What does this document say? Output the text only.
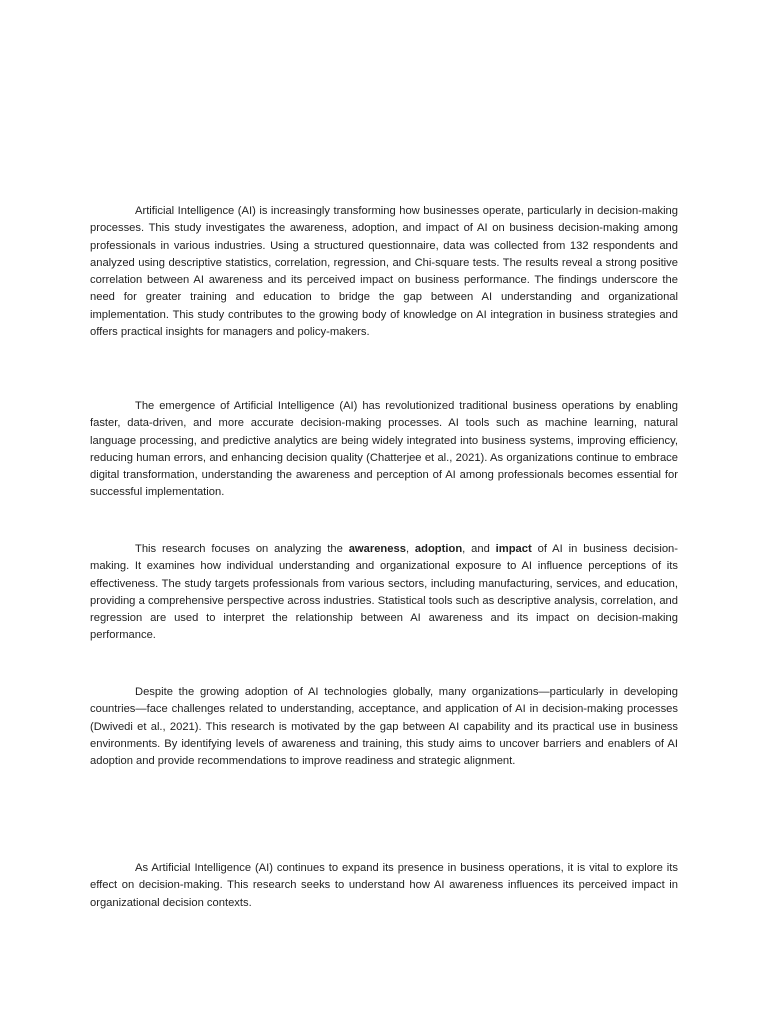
Artificial Intelligence (AI) is increasingly transforming how businesses operate, particularly in decision-making processes. This study investigates the awareness, adoption, and impact of AI on business decision-making among professionals in various industries. Using a structured questionnaire, data was collected from 132 respondents and analyzed using descriptive statistics, correlation, regression, and Chi-square tests. The results reveal a strong positive correlation between AI awareness and its perceived impact on business performance. The findings underscore the need for greater training and education to bridge the gap between AI understanding and organizational implementation. This study contributes to the growing body of knowledge on AI integration in business strategies and offers practical insights for managers and policy-makers.

The emergence of Artificial Intelligence (AI) has revolutionized traditional business operations by enabling faster, data-driven, and more accurate decision-making processes. AI tools such as machine learning, natural language processing, and predictive analytics are being widely integrated into business systems, improving efficiency, reducing human errors, and enhancing decision quality (Chatterjee et al., 2021). As organizations continue to embrace digital transformation, understanding the awareness and perception of AI among professionals becomes essential for successful implementation.

This research focuses on analyzing the awareness, adoption, and impact of AI in business decision-making. It examines how individual understanding and organizational exposure to AI influence perceptions of its effectiveness. The study targets professionals from various sectors, including manufacturing, services, and education, providing a comprehensive perspective across industries. Statistical tools such as descriptive analysis, correlation, and regression are used to interpret the relationship between AI awareness and its impact on decision-making performance.

Despite the growing adoption of AI technologies globally, many organizations—particularly in developing countries—face challenges related to understanding, acceptance, and application of AI in decision-making processes (Dwivedi et al., 2021). This research is motivated by the gap between AI capability and its practical use in business environments. By identifying levels of awareness and training, this study aims to uncover barriers and enablers of AI adoption and provide recommendations to improve readiness and strategic alignment.

As Artificial Intelligence (AI) continues to expand its presence in business operations, it is vital to explore its effect on decision-making. This research seeks to understand how AI awareness influences its perceived impact in organizational decision contexts.
